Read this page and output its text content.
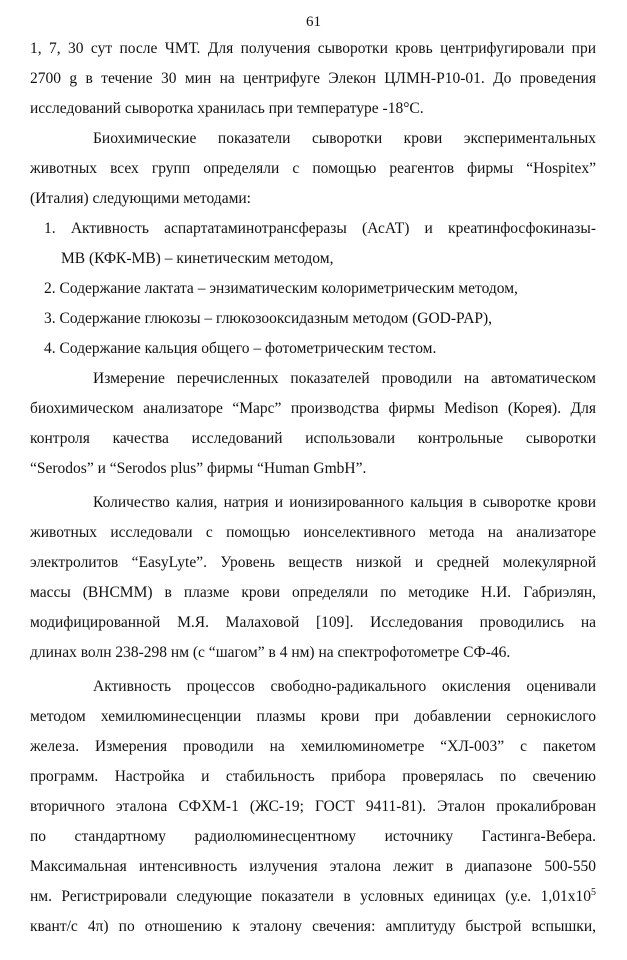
61
1, 7, 30 сут после ЧМТ. Для получения сыворотки кровь центрифугировали при
2700 g в течение 30 мин на центрифуге Элекон ЦЛМН-Р10-01. До проведения
исследований сыворотка хранилась при температуре -18°С.
Биохимические показатели сыворотки крови экспериментальных
животных всех групп определяли с помощью реагентов фирмы “Hospitex”
(Италия) следующими методами:
1. Активность аспартатаминотрансферазы (АсАТ) и креатинфосфокиназы-
МВ (КФК-МВ) – кинетическим методом,
2. Содержание лактата – энзиматическим колориметрическим методом,
3. Содержание глюкозы – глюкозооксидазным методом (GOD-PAP),
4. Содержание кальция общего – фотометрическим тестом.
Измерение перечисленных показателей проводили на автоматическом
биохимическом анализаторе “Марс” производства фирмы Medison (Корея). Для
контроля качества исследований использовали контрольные сыворотки
“Serodos” и “Serodos plus” фирмы “Human GmbH”.
Количество калия, натрия и ионизированного кальция в сыворотке крови
животных исследовали с помощью ионселективного метода на анализаторе
электролитов “EasyLyte”. Уровень веществ низкой и средней молекулярной
массы (ВНСММ) в плазме крови определяли по методике Н.И. Габриэлян,
модифицированной М.Я. Малаховой [109]. Исследования проводились на
длинах волн 238-298 нм (с “шагом” в 4 нм) на спектрофотометре СФ-46.
Активность процессов свободно-радикального окисления оценивали
методом хемилюминесценции плазмы крови при добавлении сернокислого
железа. Измерения проводили на хемилюминометре “ХЛ-003” с пакетом
программ. Настройка и стабильность прибора проверялась по свечению
вторичного эталона СФХМ-1 (ЖС-19; ГОСТ 9411-81). Эталон прокалиброван
по стандартному радиолюминесцентному источнику Гастинга-Вебера.
Максимальная интенсивность излучения эталона лежит в диапазоне 500-550
нм. Регистрировали следующие показатели в условных единицах (у.е. $1,01х10^5$
квант/с 4π) по отношению к эталону свечения: амплитуду быстрой вспышки,
